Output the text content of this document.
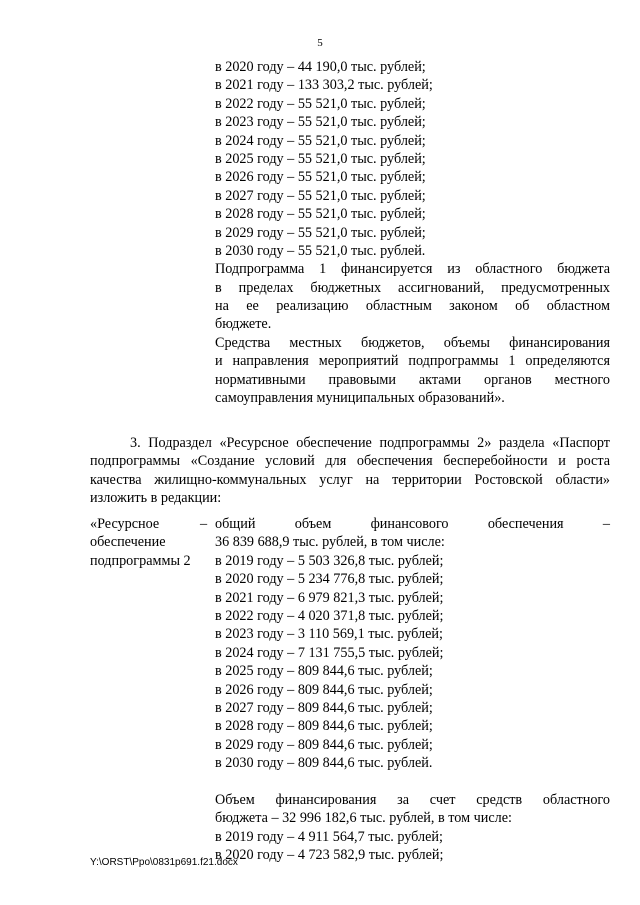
5
в 2020 году – 44 190,0 тыс. рублей;
в 2021 году – 133 303,2 тыс. рублей;
в 2022 году – 55 521,0 тыс. рублей;
в 2023 году – 55 521,0 тыс. рублей;
в 2024 году – 55 521,0 тыс. рублей;
в 2025 году – 55 521,0 тыс. рублей;
в 2026 году – 55 521,0 тыс. рублей;
в 2027 году – 55 521,0 тыс. рублей;
в 2028 году – 55 521,0 тыс. рублей;
в 2029 году – 55 521,0 тыс. рублей;
в 2030 году – 55 521,0 тыс. рублей.
Подпрограмма 1 финансируется из областного бюджета
в пределах бюджетных ассигнований, предусмотренных
на ее реализацию областным законом об областном
бюджете.
Средства местных бюджетов, объемы финансирования
и направления мероприятий подпрограммы 1 определяются
нормативными правовыми актами органов местного
самоуправления муниципальных образований».
3. Подраздел «Ресурсное обеспечение подпрограммы 2» раздела «Паспорт
подпрограммы «Создание условий для обеспечения бесперебойности и роста
качества жилищно-коммунальных услуг на территории Ростовской области»
изложить в редакции:
«Ресурсное
обеспечение
подпрограммы 2
– общий объем финансового обеспечения –
36 839 688,9 тыс. рублей, в том числе:
в 2019 году – 5 503 326,8 тыс. рублей;
в 2020 году – 5 234 776,8 тыс. рублей;
в 2021 году – 6 979 821,3 тыс. рублей;
в 2022 году – 4 020 371,8 тыс. рублей;
в 2023 году – 3 110 569,1 тыс. рублей;
в 2024 году – 7 131 755,5 тыс. рублей;
в 2025 году – 809 844,6 тыс. рублей;
в 2026 году – 809 844,6 тыс. рублей;
в 2027 году – 809 844,6 тыс. рублей;
в 2028 году – 809 844,6 тыс. рублей;
в 2029 году – 809 844,6 тыс. рублей;
в 2030 году – 809 844,6 тыс. рублей.
Объем финансирования за счет средств областного
бюджета – 32 996 182,6 тыс. рублей, в том числе:
в 2019 году – 4 911 564,7 тыс. рублей;
в 2020 году – 4 723 582,9 тыс. рублей;
Y:\ORST\Ppo\0831p691.f21.docx
